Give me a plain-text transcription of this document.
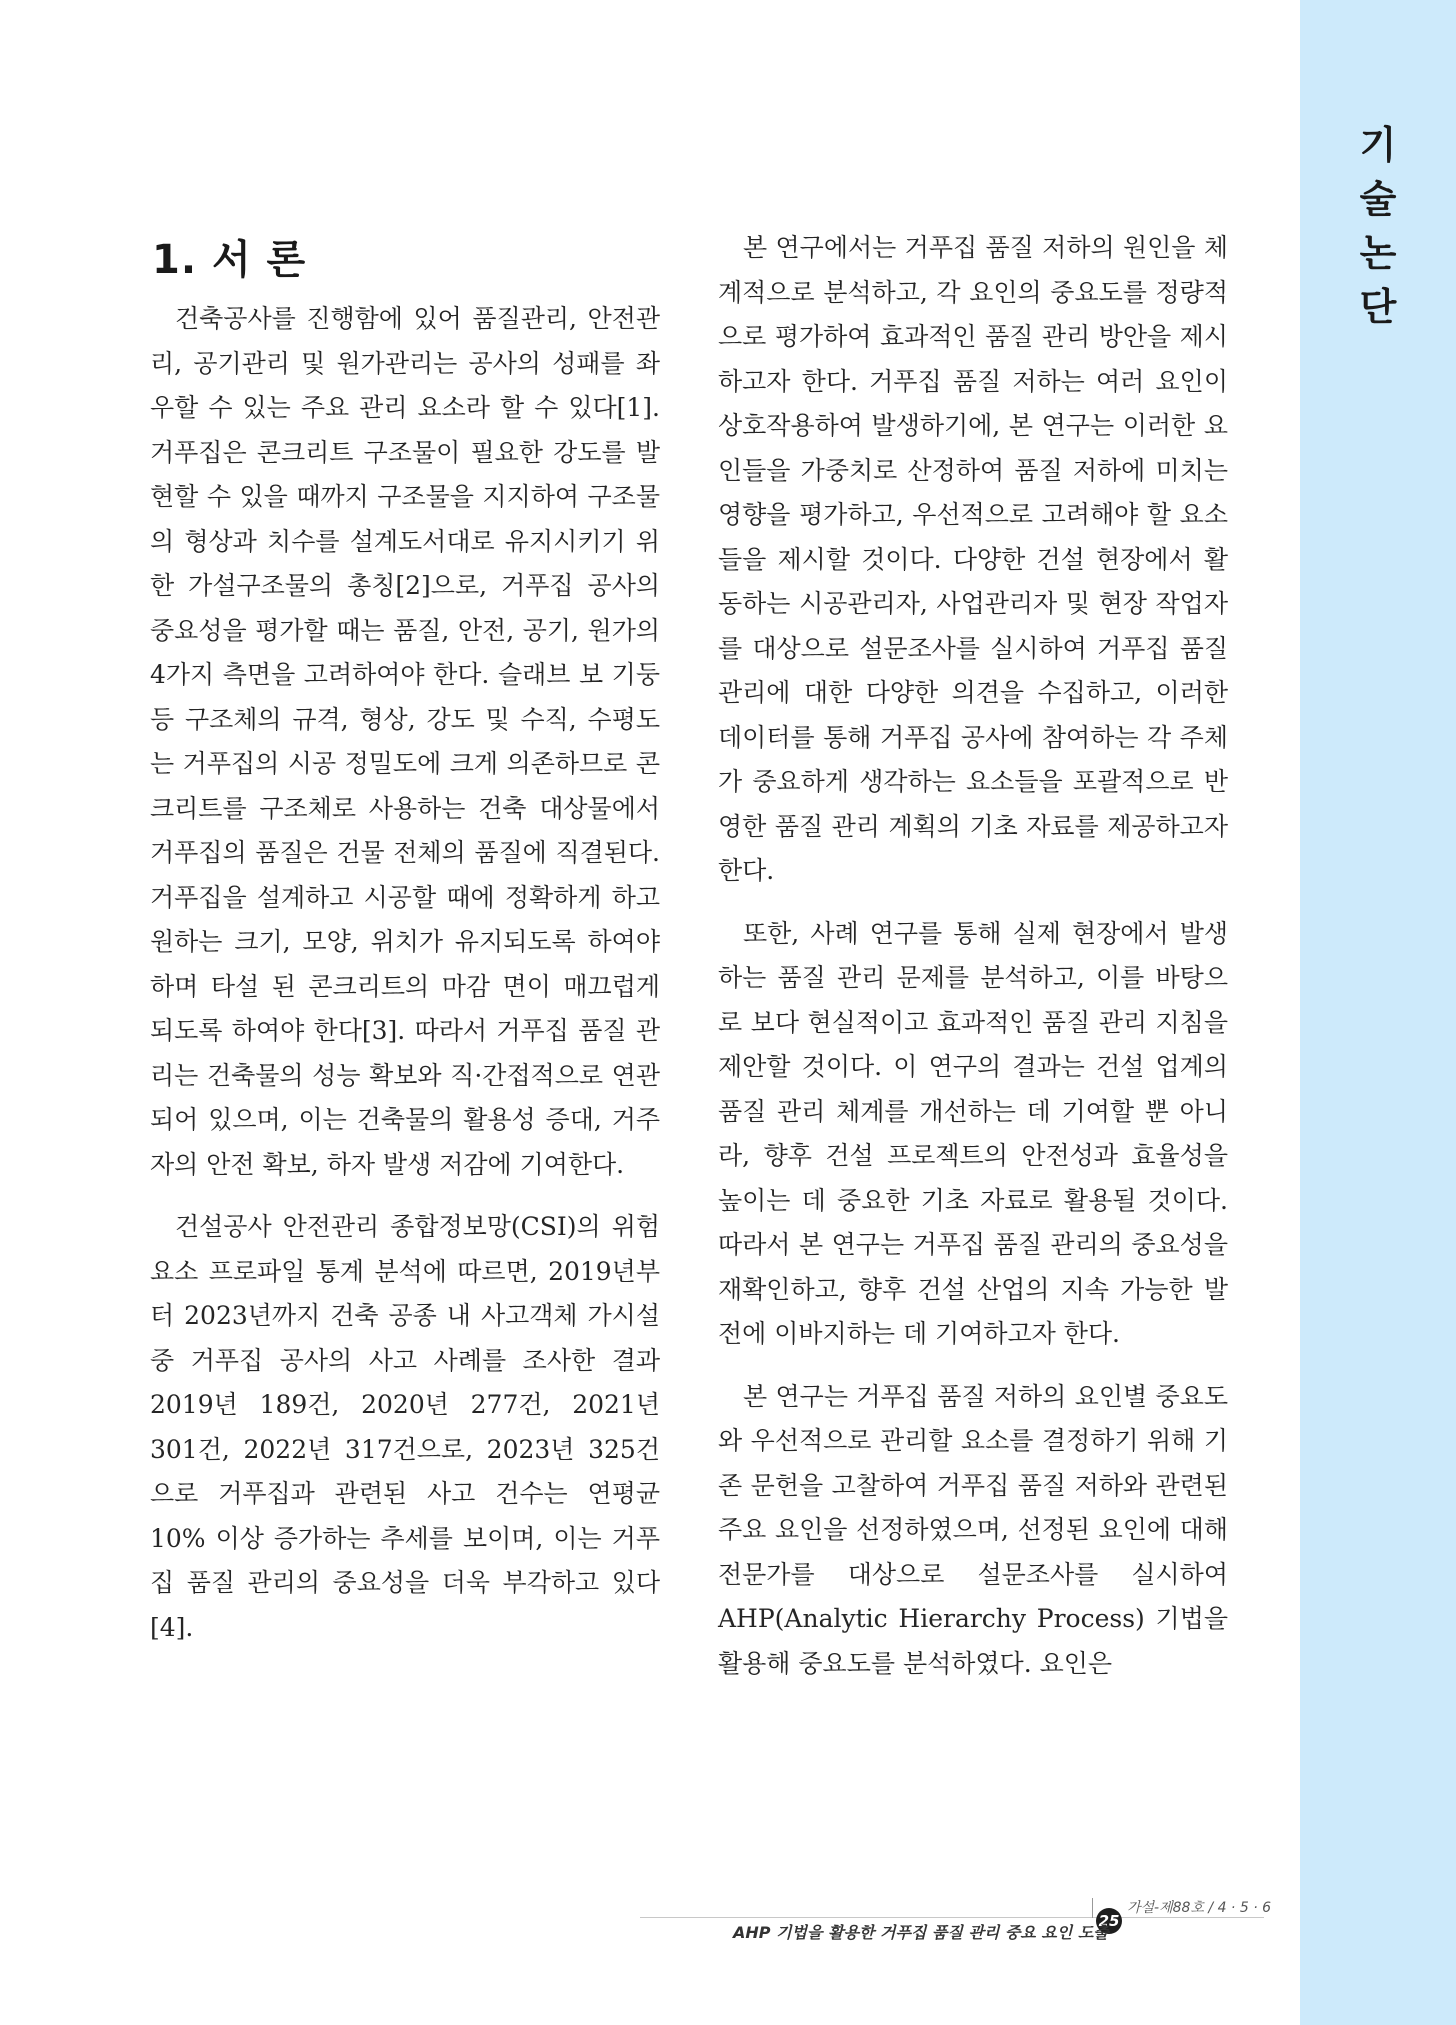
기
술
논
단
1. 서 론

건축공사를 진행함에 있어 품질관리, 안전관리, 공기관리 및 원가관리는 공사의 성패를 좌우할 수 있는 주요 관리 요소라 할 수 있다[1]. 거푸집은 콘크리트 구조물이 필요한 강도를 발현할 수 있을 때까지 구조물을 지지하여 구조물의 형상과 치수를 설계도서대로 유지시키기 위한 가설구조물의 총칭[2]으로, 거푸집 공사의 중요성을 평가할 때는 품질, 안전, 공기, 원가의 4가지 측면을 고려하여야 한다. 슬래브 보 기둥 등 구조체의 규격, 형상, 강도 및 수직, 수평도는 거푸집의 시공 정밀도에 크게 의존하므로 콘크리트를 구조체로 사용하는 건축 대상물에서 거푸집의 품질은 건물 전체의 품질에 직결된다. 거푸집을 설계하고 시공할 때에 정확하게 하고 원하는 크기, 모양, 위치가 유지되도록 하여야 하며 타설 된 콘크리트의 마감 면이 매끄럽게 되도록 하여야 한다[3]. 따라서 거푸집 품질 관리는 건축물의 성능 확보와 직·간접적으로 연관되어 있으며, 이는 건축물의 활용성 증대, 거주자의 안전 확보, 하자 발생 저감에 기여한다.

건설공사 안전관리 종합정보망(CSI)의 위험요소 프로파일 통계 분석에 따르면, 2019년부터 2023년까지 건축 공종 내 사고객체 가시설 중 거푸집 공사의 사고 사례를 조사한 결과 2019년 189건, 2020년 277건, 2021년 301건, 2022년 317건으로, 2023년 325건으로 거푸집과 관련된 사고 건수는 연평균 10% 이상 증가하는 추세를 보이며, 이는 거푸집 품질 관리의 중요성을 더욱 부각하고 있다[4].

본 연구에서는 거푸집 품질 저하의 원인을 체계적으로 분석하고, 각 요인의 중요도를 정량적으로 평가하여 효과적인 품질 관리 방안을 제시하고자 한다. 거푸집 품질 저하는 여러 요인이 상호작용하여 발생하기에, 본 연구는 이러한 요인들을 가중치로 산정하여 품질 저하에 미치는 영향을 평가하고, 우선적으로 고려해야 할 요소들을 제시할 것이다. 다양한 건설 현장에서 활동하는 시공관리자, 사업관리자 및 현장 작업자를 대상으로 설문조사를 실시하여 거푸집 품질 관리에 대한 다양한 의견을 수집하고, 이러한 데이터를 통해 거푸집 공사에 참여하는 각 주체가 중요하게 생각하는 요소들을 포괄적으로 반영한 품질 관리 계획의 기초 자료를 제공하고자 한다.

또한, 사례 연구를 통해 실제 현장에서 발생하는 품질 관리 문제를 분석하고, 이를 바탕으로 보다 현실적이고 효과적인 품질 관리 지침을 제안할 것이다. 이 연구의 결과는 건설 업계의 품질 관리 체계를 개선하는 데 기여할 뿐 아니라, 향후 건설 프로젝트의 안전성과 효율성을 높이는 데 중요한 기초 자료로 활용될 것이다. 따라서 본 연구는 거푸집 품질 관리의 중요성을 재확인하고, 향후 건설 산업의 지속 가능한 발전에 이바지하는 데 기여하고자 한다.

본 연구는 거푸집 품질 저하의 요인별 중요도와 우선적으로 관리할 요소를 결정하기 위해 기존 문헌을 고찰하여 거푸집 품질 저하와 관련된 주요 요인을 선정하였으며, 선정된 요인에 대해 전문가를 대상으로 설문조사를 실시하여 AHP(Analytic Hierarchy Process) 기법을 활용해 중요도를 분석하였다. 요인은

25
가설-제88호 / 4 · 5 · 6
AHP 기법을 활용한 거푸집 품질 관리 중요 요인 도출
